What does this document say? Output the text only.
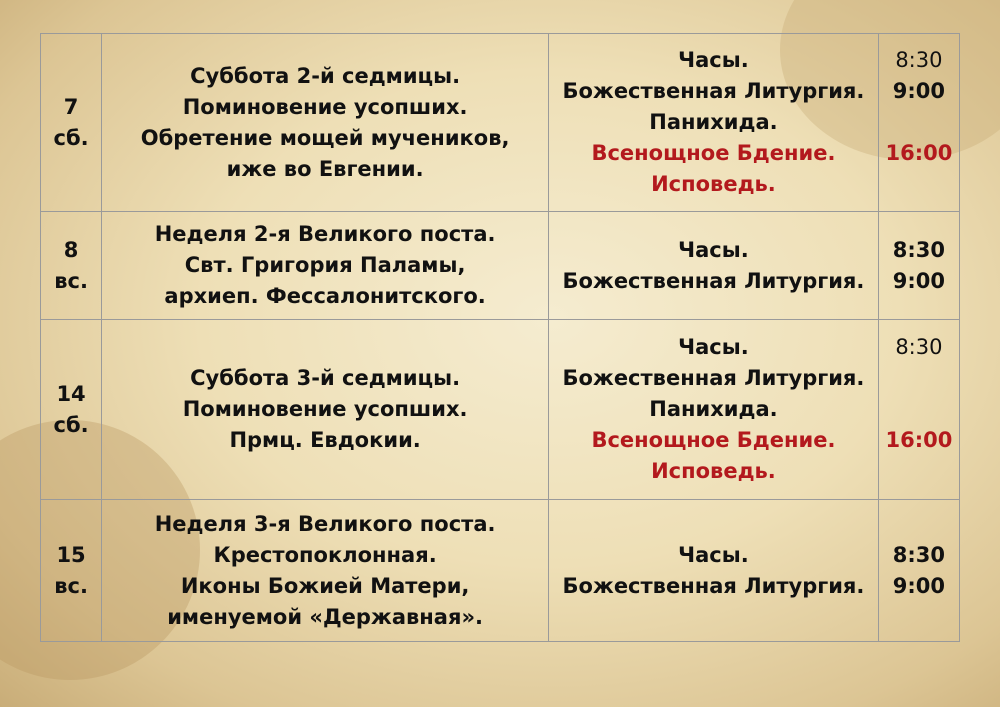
7
сб.	Суббота 2-й седмицы.
Поминовение усопших.
Обретение мощей мучеников,
иже во Евгении.	Часы.
Божественная Литургия.
Панихида.
Всенощное Бдение.
Исповедь.	8:30
9:00
16:00

8
вс.	Неделя 2-я Великого поста.
Свт. Григория Паламы,
архиеп. Фессалонитского.	Часы.
Божественная Литургия.	8:30
9:00

14
сб.	Суббота 3-й седмицы.
Поминовение усопших.
Прмц. Евдокии.	Часы.
Божественная Литургия.
Панихида.
Всенощное Бдение.
Исповедь.	8:30
16:00

15
вс.	Неделя 3-я Великого поста.
Крестопоклонная.
Иконы Божией Матери,
именуемой «Державная».	Часы.
Божественная Литургия.	8:30
9:00
